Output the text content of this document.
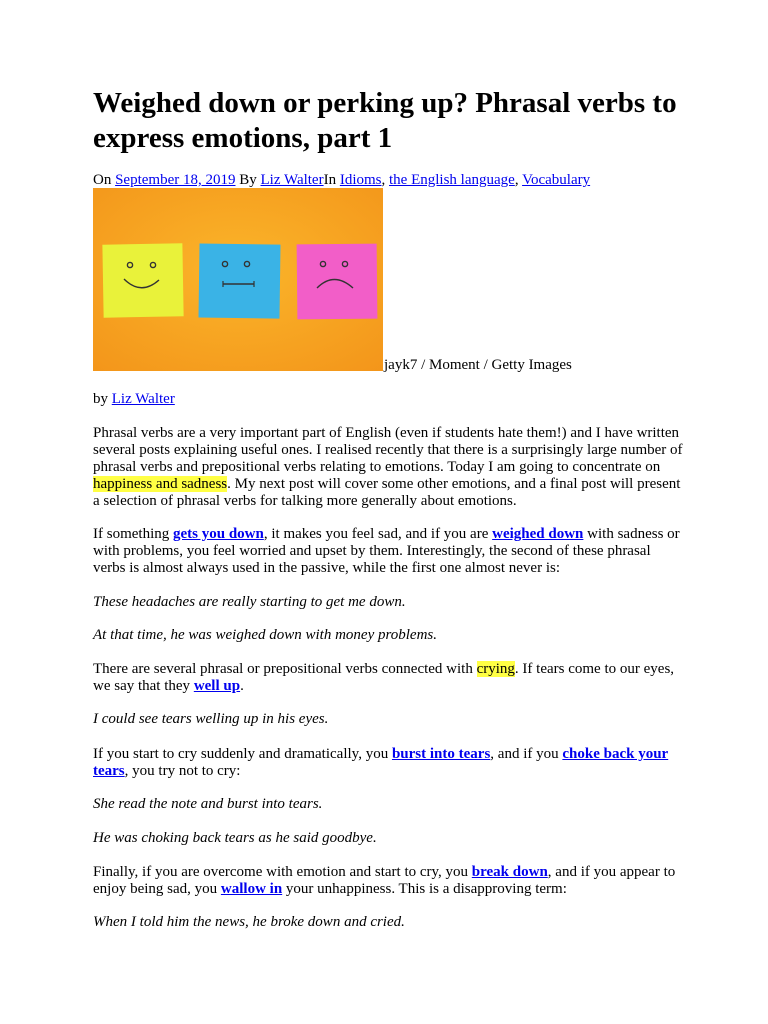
Weighed down or perking up? Phrasal verbs to express emotions, part 1
On September 18, 2019 By Liz WalterIn Idioms, the English language, Vocabulary
jayk7 / Moment / Getty Images

by Liz Walter

Phrasal verbs are a very important part of English (even if students hate them!) and I have written several posts explaining useful ones. I realised recently that there is a surprisingly large number of phrasal verbs and prepositional verbs relating to emotions. Today I am going to concentrate on happiness and sadness. My next post will cover some other emotions, and a final post will present a selection of phrasal verbs for talking more generally about emotions.

If something gets you down, it makes you feel sad, and if you are weighed down with sadness or with problems, you feel worried and upset by them. Interestingly, the second of these phrasal verbs is almost always used in the passive, while the first one almost never is:

These headaches are really starting to get me down.

At that time, he was weighed down with money problems.

There are several phrasal or prepositional verbs connected with crying. If tears come to our eyes, we say that they well up.

I could see tears welling up in his eyes.

If you start to cry suddenly and dramatically, you burst into tears, and if you choke back your tears, you try not to cry:

She read the note and burst into tears.

He was choking back tears as he said goodbye.

Finally, if you are overcome with emotion and start to cry, you break down, and if you appear to enjoy being sad, you wallow in your unhappiness. This is a disapproving term:

When I told him the news, he broke down and cried.
